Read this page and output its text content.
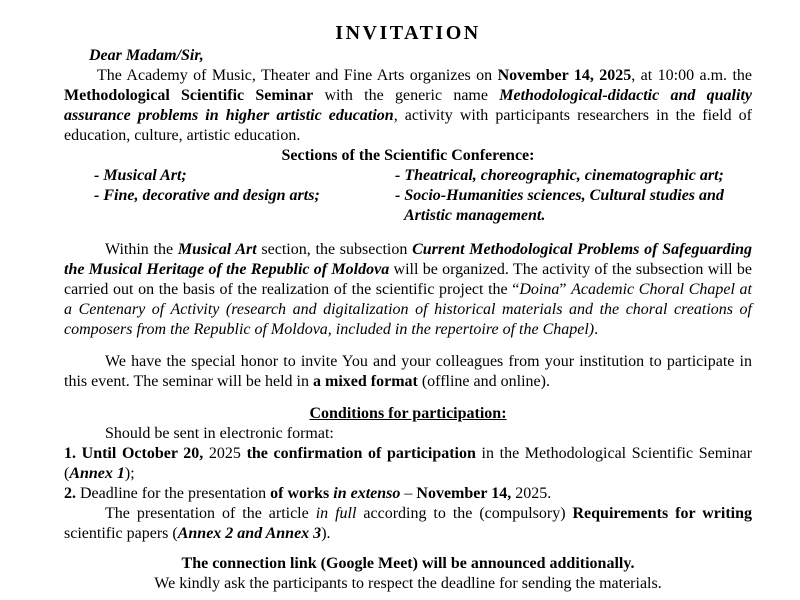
INVITATION

Dear Madam/Sir,

The Academy of Music, Theater and Fine Arts organizes on November 14, 2025, at 10:00 a.m. the Methodological Scientific Seminar with the generic name Methodological-didactic and quality assurance problems in higher artistic education, activity with participants researchers in the field of education, culture, artistic education.

Sections of the Scientific Conference:

- Musical Art;

- Fine, decorative and design arts;

- Theatrical, choreographic, cinematographic art;

- Socio-Humanities sciences, Cultural studies and Artistic management.

Within the Musical Art section, the subsection Current Methodological Problems of Safeguarding the Musical Heritage of the Republic of Moldova will be organized. The activity of the subsection will be carried out on the basis of the realization of the scientific project the “Doina” Academic Choral Chapel at a Centenary of Activity (research and digitalization of historical materials and the choral creations of composers from the Republic of Moldova, included in the repertoire of the Chapel).

We have the special honor to invite You and your colleagues from your institution to participate in this event. The seminar will be held in a mixed format (offline and online).

Conditions for participation:

Should be sent in electronic format:

1. Until October 20, 2025 the confirmation of participation in the Methodological Scientific Seminar (Annex 1);

2. Deadline for the presentation of works in extenso – November 14, 2025.

The presentation of the article in full according to the (compulsory) Requirements for writing scientific papers (Annex 2 and Annex 3).

The connection link (Google Meet) will be announced additionally.

We kindly ask the participants to respect the deadline for sending the materials.
